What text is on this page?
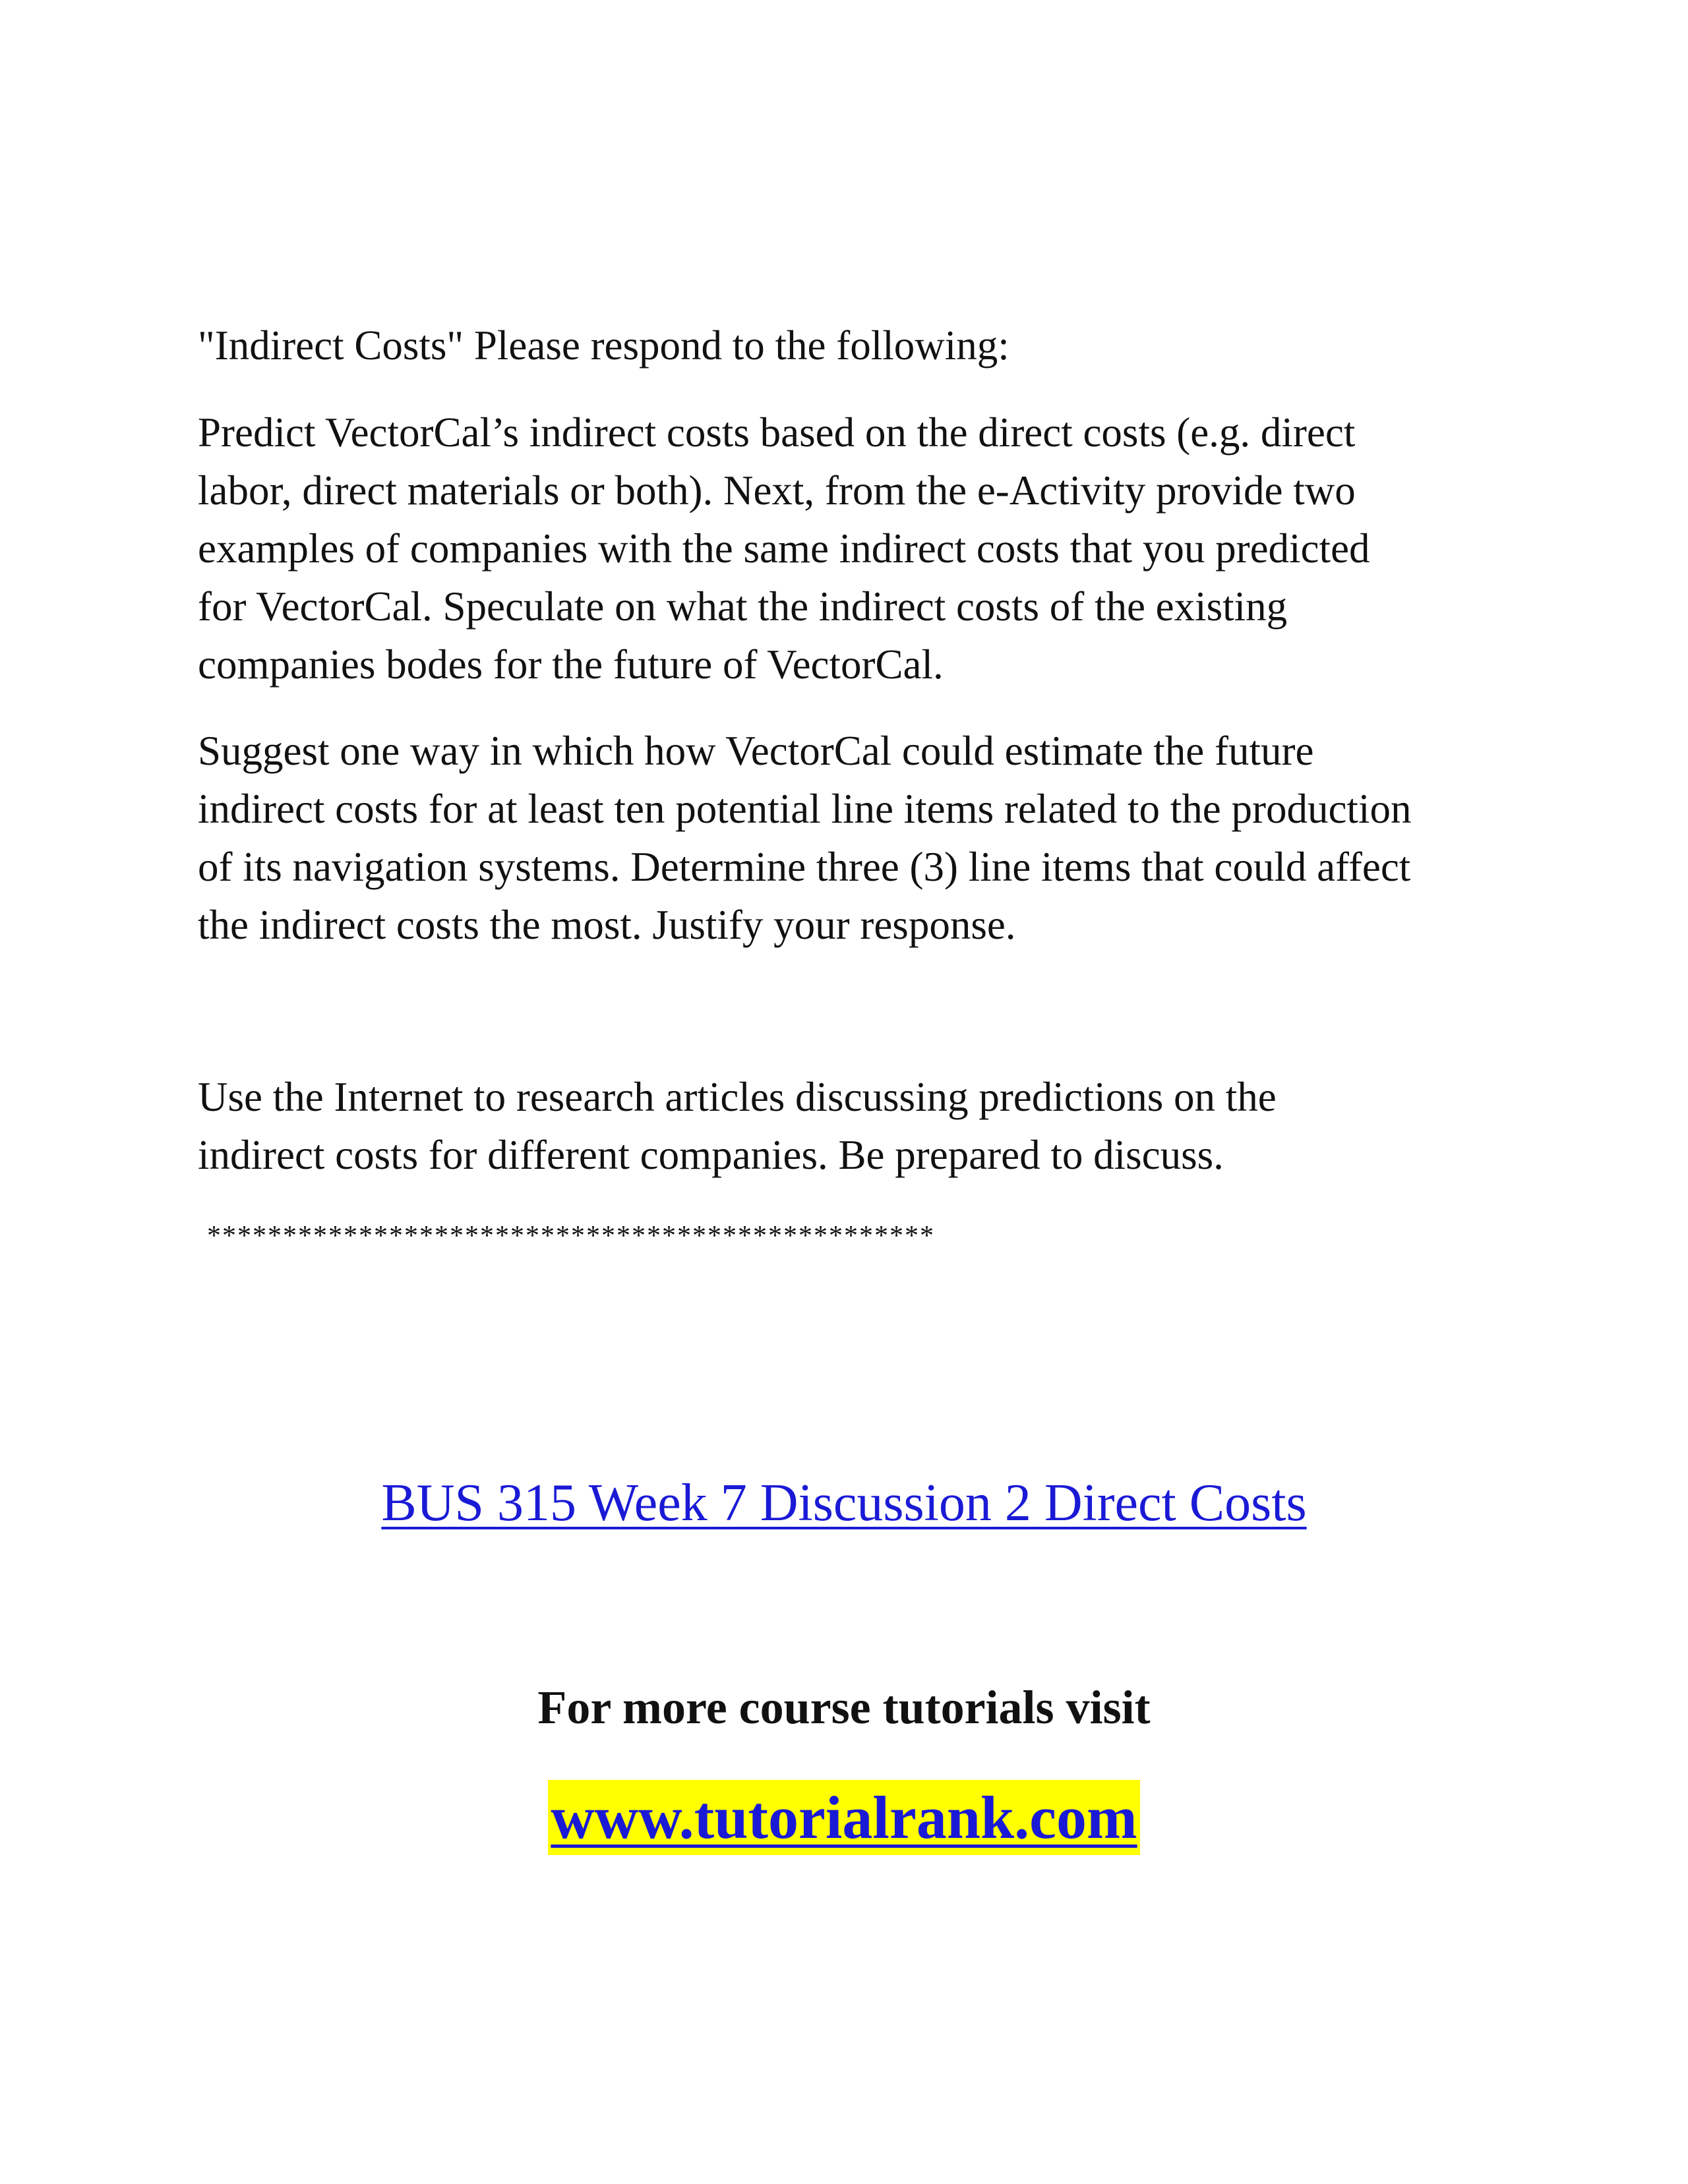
"Indirect Costs" Please respond to the following:

Predict VectorCal’s indirect costs based on the direct costs (e.g. direct
labor, direct materials or both). Next, from the e-Activity provide two
examples of companies with the same indirect costs that you predicted
for VectorCal. Speculate on what the indirect costs of the existing
companies bodes for the future of VectorCal.

Suggest one way in which how VectorCal could estimate the future
indirect costs for at least ten potential line items related to the production
of its navigation systems. Determine three (3) line items that could affect
the indirect costs the most. Justify your response.

Use the Internet to research articles discussing predictions on the
indirect costs for different companies. Be prepared to discuss.

************************************************

BUS 315 Week 7 Discussion 2 Direct Costs

For more course tutorials visit

www.tutorialrank.com
